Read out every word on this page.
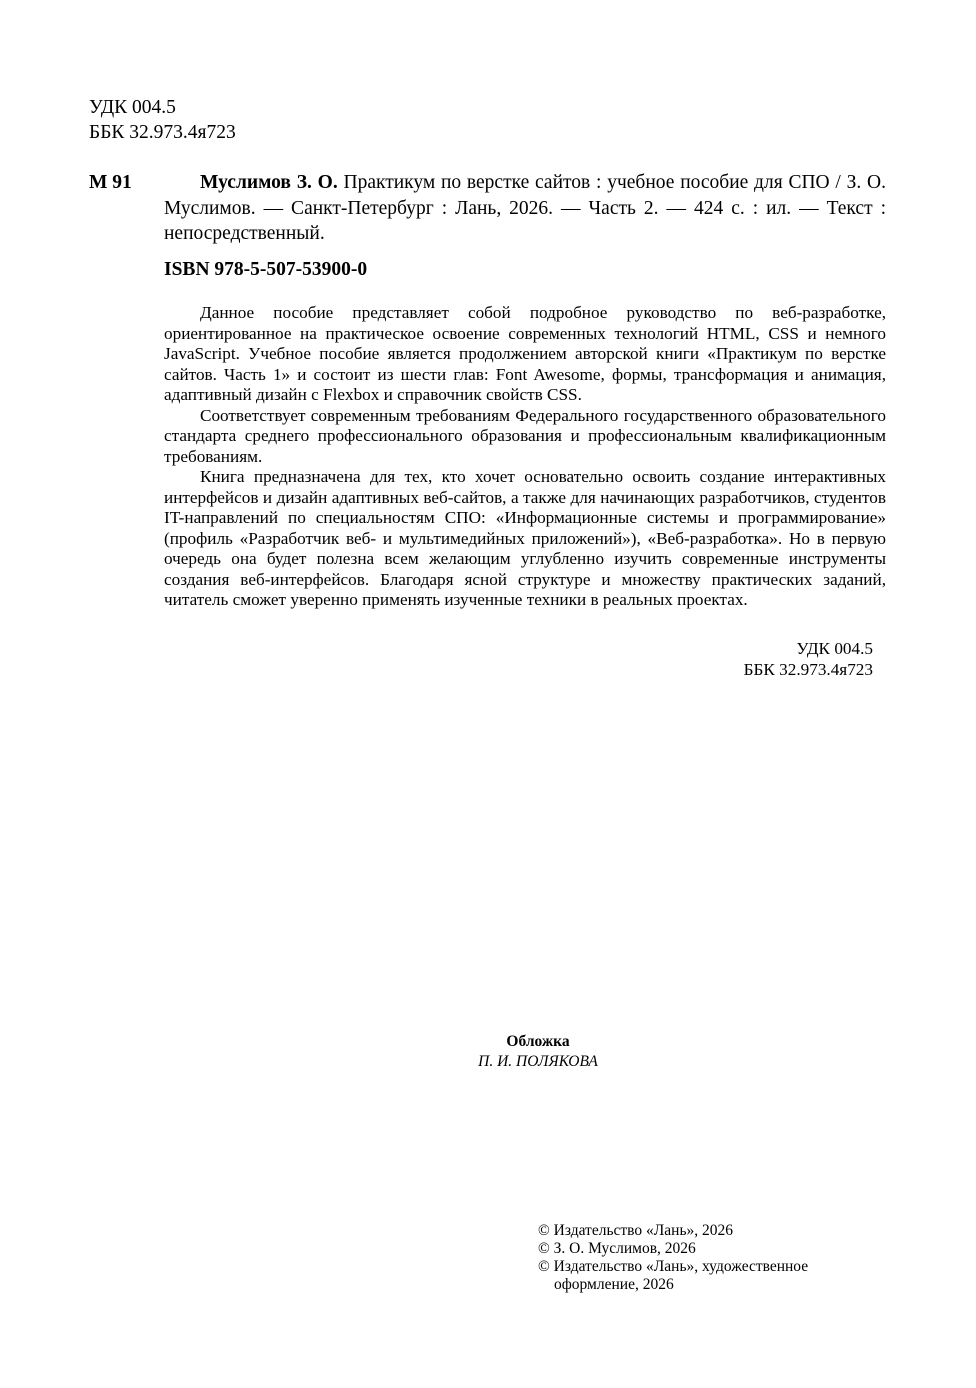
УДК 004.5
ББК 32.973.4я723
М 91	Муслимов З. О. Практикум по верстке сайтов : учебное пособие для СПО / З. О. Муслимов. — Санкт-Петербург : Лань, 2026. — Часть 2. — 424 с. : ил. — Текст : непосредственный.
ISBN 978-5-507-53900-0

Данное пособие представляет собой подробное руководство по веб-разработке, ориентированное на практическое освоение современных технологий HTML, CSS и немного JavaScript. Учебное пособие является продолжением авторской книги «Практикум по верстке сайтов. Часть 1» и состоит из шести глав: Font Awesome, формы, трансформация и анимация, адаптивный дизайн с Flexbox и справочник свойств CSS.

Соответствует современным требованиям Федерального государственного образовательного стандарта среднего профессионального образования и профессиональным квалификационным требованиям.

Книга предназначена для тех, кто хочет основательно освоить создание интерактивных интерфейсов и дизайн адаптивных веб-сайтов, а также для начинающих разработчиков, студентов IT-направлений по специальностям СПО: «Информационные системы и программирование» (профиль «Разработчик веб- и мультимедийных приложений»), «Веб-разработка». Но в первую очередь она будет полезна всем желающим углубленно изучить современные инструменты создания веб-интерфейсов. Благодаря ясной структуре и множеству практических заданий, читатель сможет уверенно применять изученные техники в реальных проектах.

УДК 004.5
ББК 32.973.4я723
Обложка
П. И. ПОЛЯКОВА
© Издательство «Лань», 2026
© З. О. Муслимов, 2026
© Издательство «Лань», художественное оформление, 2026
